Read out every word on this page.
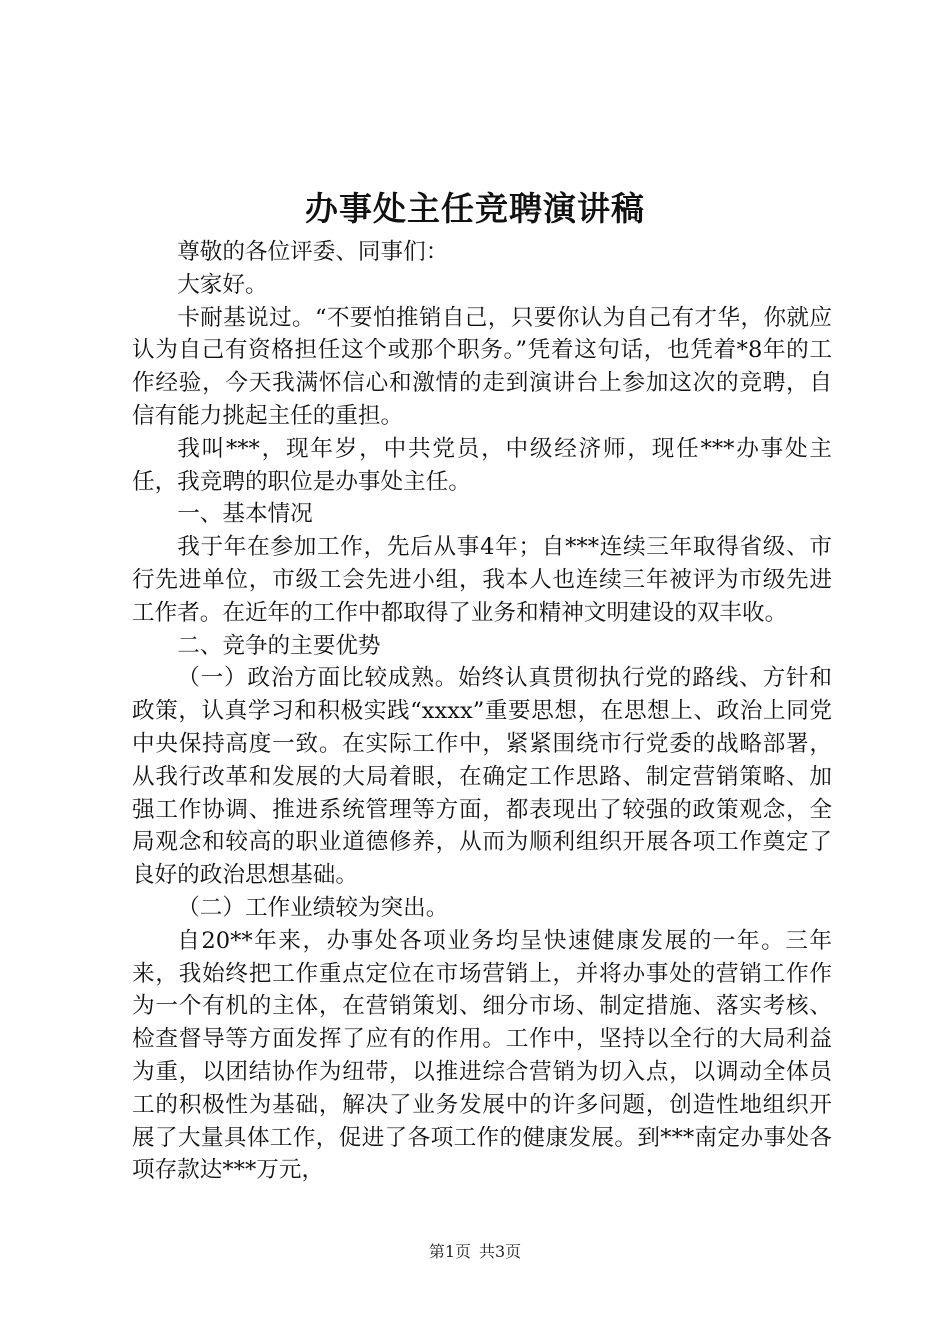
办事处主任竞聘演讲稿

尊敬的各位评委、同事们：

大家好。

卡耐基说过。“不要怕推销自己，只要你认为自己有才华，你就应认为自己有资格担任这个或那个职务。”凭着这句话，也凭着*8年的工作经验，今天我满怀信心和激情的走到演讲台上参加这次的竞聘，自信有能力挑起主任的重担。

我叫***，现年岁，中共党员，中级经济师，现任***办事处主任，我竞聘的职位是办事处主任。

一、基本情况

我于年在参加工作，先后从事4年；自***连续三年取得省级、市行先进单位，市级工会先进小组，我本人也连续三年被评为市级先进工作者。在近年的工作中都取得了业务和精神文明建设的双丰收。

二、竞争的主要优势

（一）政治方面比较成熟。始终认真贯彻执行党的路线、方针和政策，认真学习和积极实践“xxxx”重要思想，在思想上、政治上同党中央保持高度一致。在实际工作中，紧紧围绕市行党委的战略部署，从我行改革和发展的大局着眼，在确定工作思路、制定营销策略、加强工作协调、推进系统管理等方面，都表现出了较强的政策观念，全局观念和较高的职业道德修养，从而为顺利组织开展各项工作奠定了良好的政治思想基础。

（二）工作业绩较为突出。

自20**年来，办事处各项业务均呈快速健康发展的一年。三年来，我始终把工作重点定位在市场营销上，并将办事处的营销工作作为一个有机的主体，在营销策划、细分市场、制定措施、落实考核、检查督导等方面发挥了应有的作用。工作中，坚持以全行的大局利益为重，以团结协作为纽带，以推进综合营销为切入点，以调动全体员工的积极性为基础，解决了业务发展中的许多问题，创造性地组织开展了大量具体工作，促进了各项工作的健康发展。到***南定办事处各项存款达***万元，

第1页 共3页
